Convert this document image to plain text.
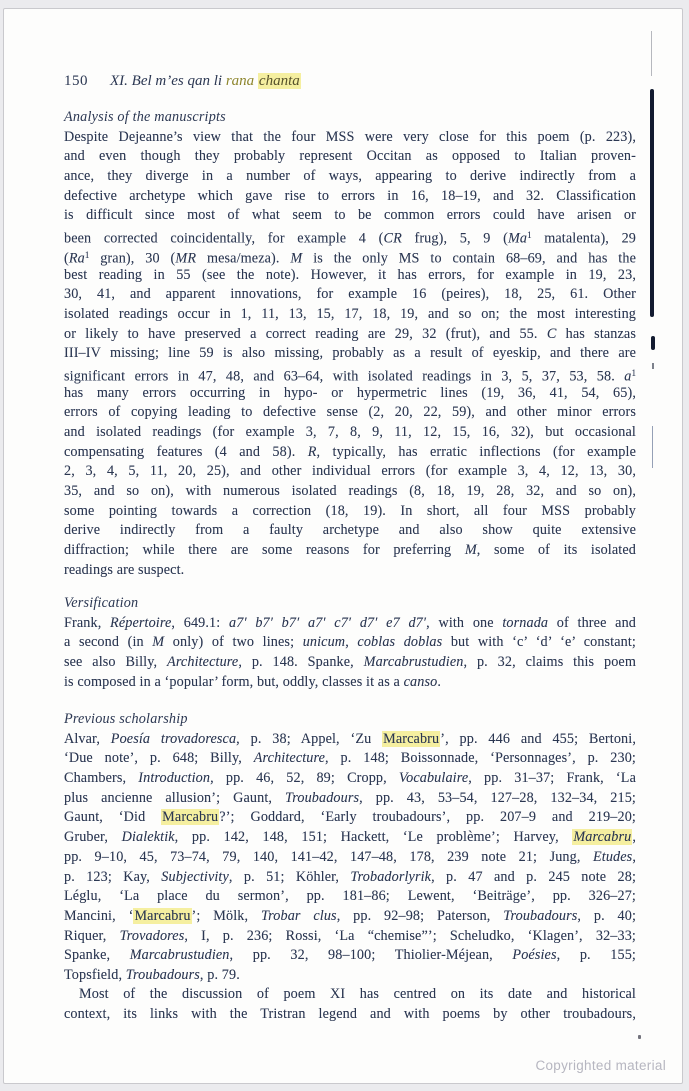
150 XI. Bel m’es qan li rana chanta
Analysis of the manuscripts
Despite Dejeanne’s view that the four MSS were very close for this poem (p. 223),
and even though they probably represent Occitan as opposed to Italian proven-
ance, they diverge in a number of ways, appearing to derive indirectly from a
defective archetype which gave rise to errors in 16, 18–19, and 32. Classification
is difficult since most of what seem to be common errors could have arisen or
been corrected coincidentally, for example 4 (CR frug), 5, 9 (Ma$^1$ matalenta), 29
(Ra$^1$ gran), 30 (MR mesa/meza). M is the only MS to contain 68–69, and has the
best reading in 55 (see the note). However, it has errors, for example in 19, 23,
30, 41, and apparent innovations, for example 16 (peires), 18, 25, 61. Other
isolated readings occur in 1, 11, 13, 15, 17, 18, 19, and so on; the most interesting
or likely to have preserved a correct reading are 29, 32 (frut), and 55. C has stanzas
III–IV missing; line 59 is also missing, probably as a result of eyeskip, and there are
significant errors in 47, 48, and 63–64, with isolated readings in 3, 5, 37, 53, 58. $a^1$
has many errors occurring in hypo- or hypermetric lines (19, 36, 41, 54, 65),
errors of copying leading to defective sense (2, 20, 22, 59), and other minor errors
and isolated readings (for example 3, 7, 8, 9, 11, 12, 15, 16, 32), but occasional
compensating features (4 and 58). R, typically, has erratic inflections (for example
2, 3, 4, 5, 11, 20, 25), and other individual errors (for example 3, 4, 12, 13, 30,
35, and so on), with numerous isolated readings (8, 18, 19, 28, 32, and so on),
some pointing towards a correction (18, 19). In short, all four MSS probably
derive indirectly from a faulty archetype and also show quite extensive
diffraction; while there are some reasons for preferring M, some of its isolated
readings are suspect.
Versification
Frank, Répertoire, 649.1: a7′ b7′ b7′ a7′ c7′ d7′ e7 d7′, with one tornada of three and
a second (in M only) of two lines; unicum, coblas doblas but with ‘c’ ‘d’ ‘e’ constant;
see also Billy, Architecture, p. 148. Spanke, Marcabrustudien, p. 32, claims this poem
is composed in a ‘popular’ form, but, oddly, classes it as a canso.
Previous scholarship
Alvar, Poesía trovadoresca, p. 38; Appel, ‘Zu Marcabru’, pp. 446 and 455; Bertoni,
‘Due note’, p. 648; Billy, Architecture, p. 148; Boissonnade, ‘Personnages’, p. 230;
Chambers, Introduction, pp. 46, 52, 89; Cropp, Vocabulaire, pp. 31–37; Frank, ‘La
plus ancienne allusion’; Gaunt, Troubadours, pp. 43, 53–54, 127–28, 132–34, 215;
Gaunt, ‘Did Marcabru?’; Goddard, ‘Early troubadours’, pp. 207–9 and 219–20;
Gruber, Dialektik, pp. 142, 148, 151; Hackett, ‘Le problème’; Harvey, Marcabru,
pp. 9–10, 45, 73–74, 79, 140, 141–42, 147–48, 178, 239 note 21; Jung, Etudes,
p. 123; Kay, Subjectivity, p. 51; Köhler, Trobadorlyrik, p. 47 and p. 245 note 28;
Léglu, ‘La place du sermon’, pp. 181–86; Lewent, ‘Beiträge’, pp. 326–27;
Mancini, ‘Marcabru’; Mölk, Trobar clus, pp. 92–98; Paterson, Troubadours, p. 40;
Riquer, Trovadores, I, p. 236; Rossi, ‘La “chemise”’; Scheludko, ‘Klagen’, 32–33;
Spanke, Marcabrustudien, pp. 32, 98–100; Thiolier-Méjean, Poésies, p. 155;
Topsfield, Troubadours, p. 79.
Most of the discussion of poem XI has centred on its date and historical
context, its links with the Tristran legend and with poems by other troubadours,
Copyrighted material
